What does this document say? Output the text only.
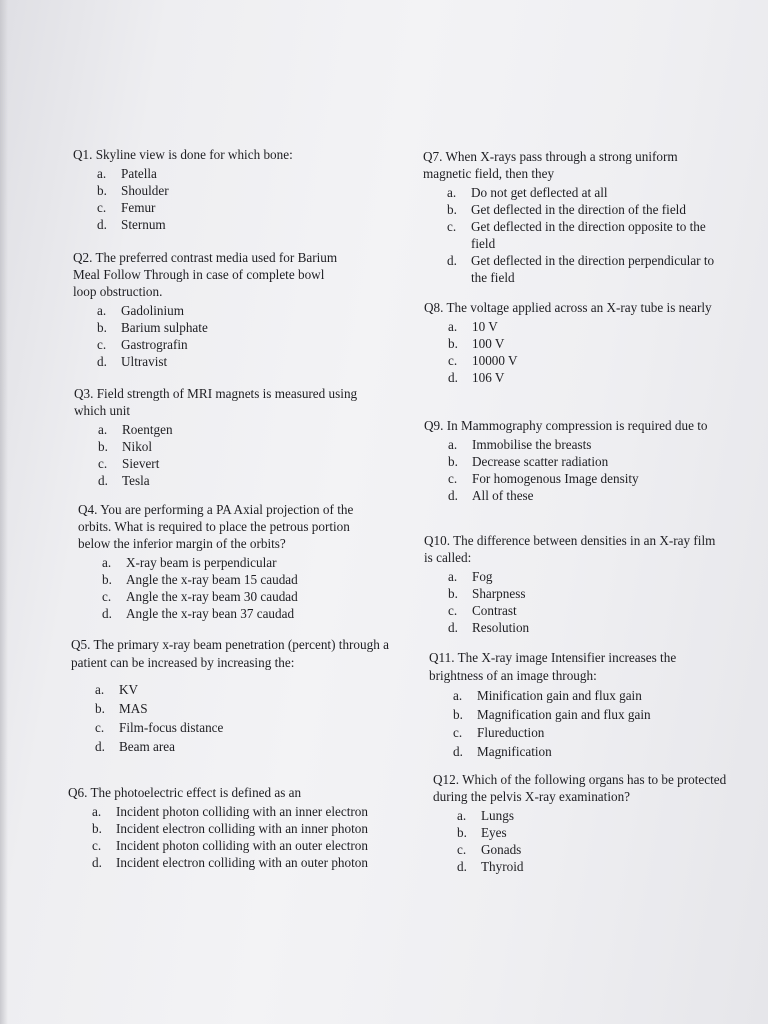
Q1. Skyline view is done for which bone:

a.	Patella
b.	Shoulder
c.	Femur
d.	Sternum

Q2. The preferred contrast media used for Barium Meal Follow Through in case of complete bowl loop obstruction.

a.	Gadolinium
b.	Barium sulphate
c.	Gastrografin
d.	Ultravist

Q3. Field strength of MRI magnets is measured using which unit

a.	Roentgen
b.	Nikol
c.	Sievert
d.	Tesla

Q4. You are performing a PA Axial projection of the orbits. What is required to place the petrous portion below the inferior margin of the orbits?

a.	X-ray beam is perpendicular
b.	Angle the x-ray beam 15 caudad
c.	Angle the x-ray beam 30 caudad
d.	Angle the x-ray bean 37 caudad

Q5. The primary x-ray beam penetration (percent) through a patient can be increased by increasing the:

a.	KV
b.	MAS
c.	Film-focus distance
d.	Beam area

Q6. The photoelectric effect is defined as an

a.	Incident photon colliding with an inner electron
b.	Incident electron colliding with an inner photon
c.	Incident photon colliding with an outer electron
d.	Incident electron colliding with an outer photon

Q7. When X-rays pass through a strong uniform magnetic field, then they

a.	Do not get deflected at all
b.	Get deflected in the direction of the field
c.	Get deflected in the direction opposite to the field
d.	Get deflected in the direction perpendicular to the field

Q8. The voltage applied across an X-ray tube is nearly

a.	10 V
b.	100 V
c.	10000 V
d.	106 V

Q9. In Mammography compression is required due to

a.	Immobilise the breasts
b.	Decrease scatter radiation
c.	For homogenous Image density
d.	All of these

Q10. The difference between densities in an X-ray film is called:

a.	Fog
b.	Sharpness
c.	Contrast
d.	Resolution

Q11. The X-ray image Intensifier increases the brightness of an image through:

a.	Minification gain and flux gain
b.	Magnification gain and flux gain
c.	Flureduction
d.	Magnification

Q12. Which of the following organs has to be protected during the pelvis X-ray examination?

a.	Lungs
b.	Eyes
c.	Gonads
d.	Thyroid
